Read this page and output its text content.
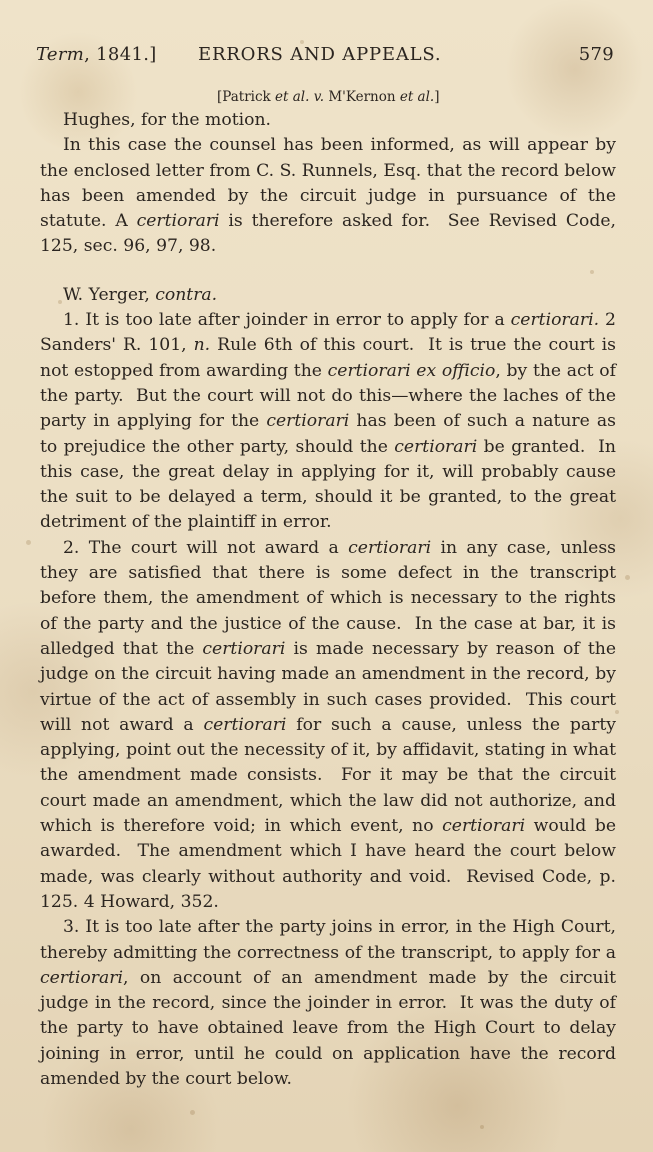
Term, 1841.] ERRORS AND APPEALS.	579
[Patrick et al. v. M'Kernon et al.]

Hughes, for the motion.

In this case the counsel has been informed, as will appear by the enclosed letter from C. S. Runnels, Esq. that the record below has been amended by the circuit judge in pursuance of the statute. A certiorari is therefore asked for.  See Revised Code, 125, sec. 96, 97, 98.

W. Yerger, contra.

1. It is too late after joinder in error to apply for a certiorari. 2 Sanders' R. 101, n. Rule 6th of this court.  It is true the court is not estopped from awarding the certiorari ex officio, by the act of the party.  But the court will not do this—where the laches of the party in applying for the certiorari has been of such a nature as to prejudice the other party, should the certiorari be granted.  In this case, the great delay in applying for it, will probably cause the suit to be delayed a term, should it be granted, to the great detriment of the plaintiff in error.

2. The court will not award a certiorari in any case, unless they are satisfied that there is some defect in the transcript before them, the amendment of which is necessary to the rights of the party and the justice of the cause.  In the case at bar, it is alledged that the certiorari is made necessary by reason of the judge on the circuit having made an amendment in the record, by virtue of the act of assembly in such cases provided.  This court will not award a certiorari for such a cause, unless the party applying, point out the necessity of it, by affidavit, stating in what the amendment made consists.  For it may be that the circuit court made an amendment, which the law did not authorize, and which is therefore void; in which event, no certiorari would be awarded.  The amendment which I have heard the court below made, was clearly without authority and void.  Revised Code, p. 125. 4 Howard, 352.

3. It is too late after the party joins in error, in the High Court, thereby admitting the correctness of the transcript, to apply for a certiorari, on account of an amendment made by the circuit judge in the record, since the joinder in error.  It was the duty of the party to have obtained leave from the High Court to delay joining in error, until he could on application have the record amended by the court below.
